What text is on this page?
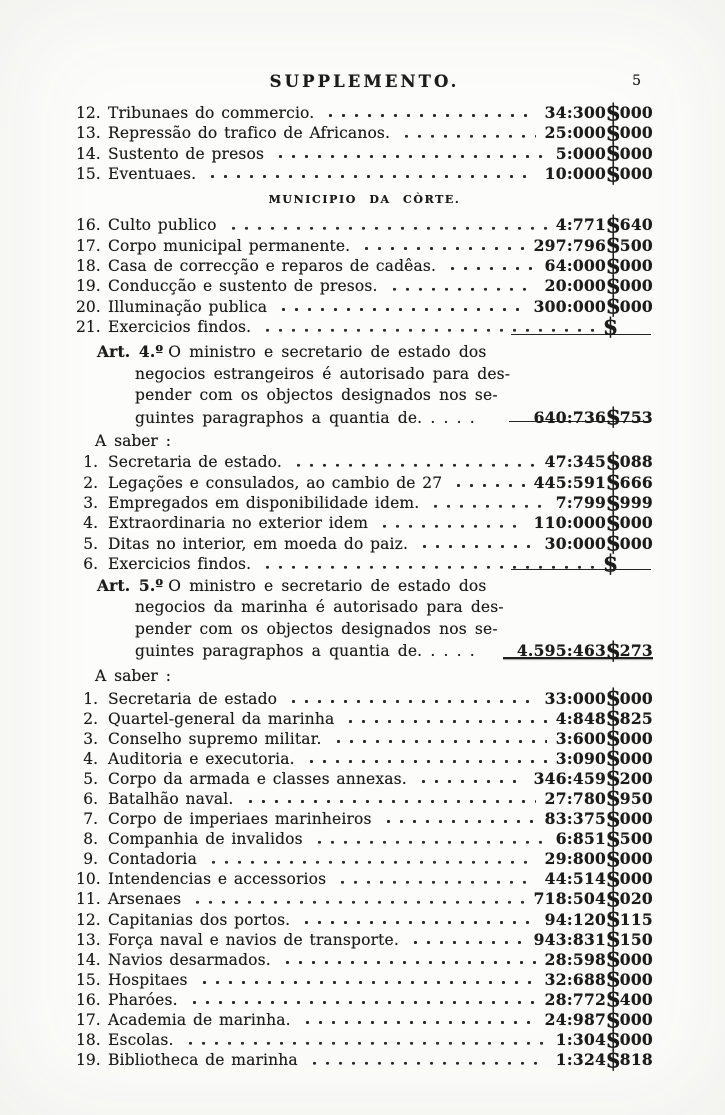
SUPPLEMENTO.	5
12. Tribunaes do commercio.	34:300$000
13. Repressão do trafico de Africanos.	25:000$000
14. Sustento de presos	5:000$000
15. Eventuaes.	10:000$000
MUNICIPIO DA CÒRTE.
16. Culto publico	4:771$640
17. Corpo municipal permanente.	297:796$500
18. Casa de correcção e reparos de cadêas.	64:000$000
19. Conducção e sustento de presos.	20:000$000
20. Illuminação publica	300:000$000
21. Exercicios findos.	$
Art. 4.º O ministro e secretario de estado dos
negocios estrangeiros é autorisado para des-
pender com os objectos designados nos se-
guintes paragraphos a quantia de. . . . .	640:736$753
A saber :
1. Secretaria de estado.	47:345$088
2. Legações e consulados, ao cambio de 27	445:591$666
3. Empregados em disponibilidade idem.	7:799$999
4. Extraordinaria no exterior idem	110:000$000
5. Ditas no interior, em moeda do paiz.	30:000$000
6. Exercicios findos.	$
Art. 5.º O ministro e secretario de estado dos
negocios da marinha é autorisado para des-
pender com os objectos designados nos se-
guintes paragraphos a quantia de. . . . .	4.595:463$273
A saber :
1. Secretaria de estado	33:000$000
2. Quartel-general da marinha	4:848$825
3. Conselho supremo militar.	3:600$000
4. Auditoria e executoria.	3:090$000
5. Corpo da armada e classes annexas.	346:459$200
6. Batalhão naval.	27:780$950
7. Corpo de imperiaes marinheiros	83:375$000
8. Companhia de invalidos	6:851$500
9. Contadoria	29:800$000
10. Intendencias e accessorios	44:514$000
11. Arsenaes	718:504$020
12. Capitanias dos portos.	94:120$115
13. Força naval e navios de transporte.	943:831$150
14. Navios desarmados.	28:598$000
15. Hospitaes	32:688$000
16. Pharóes.	28:772$400
17. Academia de marinha.	24:987$000
18. Escolas.	1:304$000
19. Bibliotheca de marinha	1:324$818
